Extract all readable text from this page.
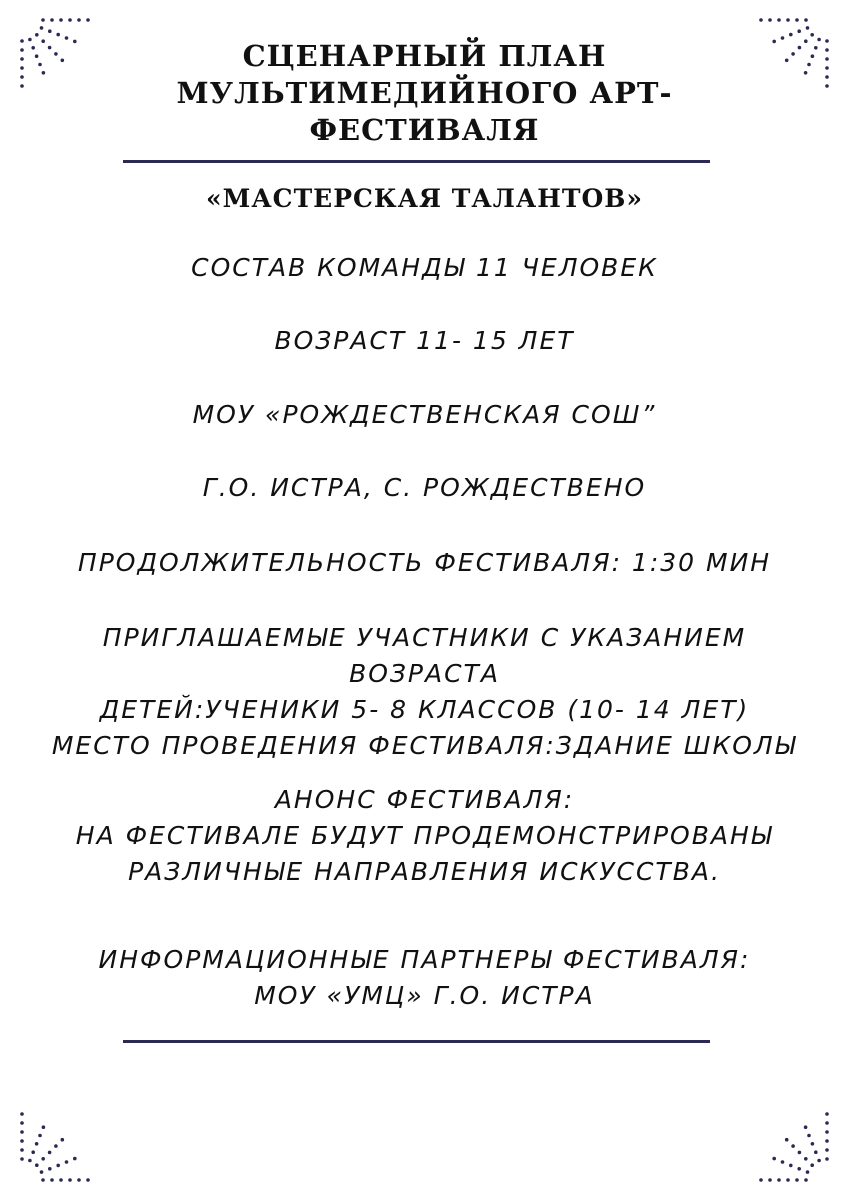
СЦЕНАРНЫЙ ПЛАН
МУЛЬТИМЕДИЙНОГО АРТ-
ФЕСТИВАЛЯ
«МАСТЕРСКАЯ ТАЛАНТОВ»
СОСТАВ КОМАНДЫ 11 ЧЕЛОВЕК
ВОЗРАСТ 11- 15 ЛЕТ
МОУ «РОЖДЕСТВЕНСКАЯ СОШ”
Г.О. ИСТРА, С. РОЖДЕСТВЕНО
ПРОДОЛЖИТЕЛЬНОСТЬ ФЕСТИВАЛЯ: 1:30 МИН
ПРИГЛАШАЕМЫЕ УЧАСТНИКИ С УКАЗАНИЕМ ВОЗРАСТА
ДЕТЕЙ:УЧЕНИКИ 5- 8 КЛАССОВ (10- 14 ЛЕТ)
МЕСТО ПРОВЕДЕНИЯ ФЕСТИВАЛЯ:ЗДАНИЕ ШКОЛЫ
АНОНС ФЕСТИВАЛЯ:
НА ФЕСТИВАЛЕ БУДУТ ПРОДЕМОНСТРИРОВАНЫ
РАЗЛИЧНЫЕ НАПРАВЛЕНИЯ ИСКУССТВА.
ИНФОРМАЦИОННЫЕ ПАРТНЕРЫ ФЕСТИВАЛЯ:
МОУ «УМЦ» Г.О. ИСТРА
